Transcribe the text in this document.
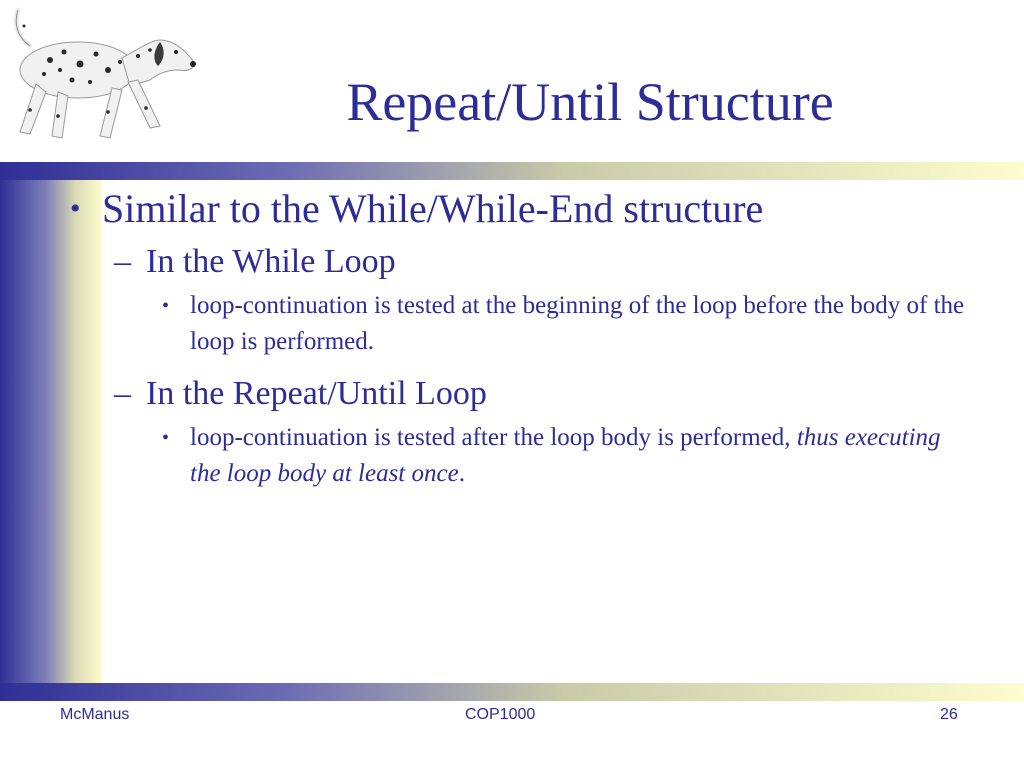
Repeat/Until Structure
• Similar to the While/While-End structure
– In the While Loop
• loop-continuation is tested at the beginning of the loop before the body of the loop is performed.
– In the Repeat/Until Loop
• loop-continuation is tested after the loop body is performed, thus executing the loop body at least once.
McManus	COP1000	26
